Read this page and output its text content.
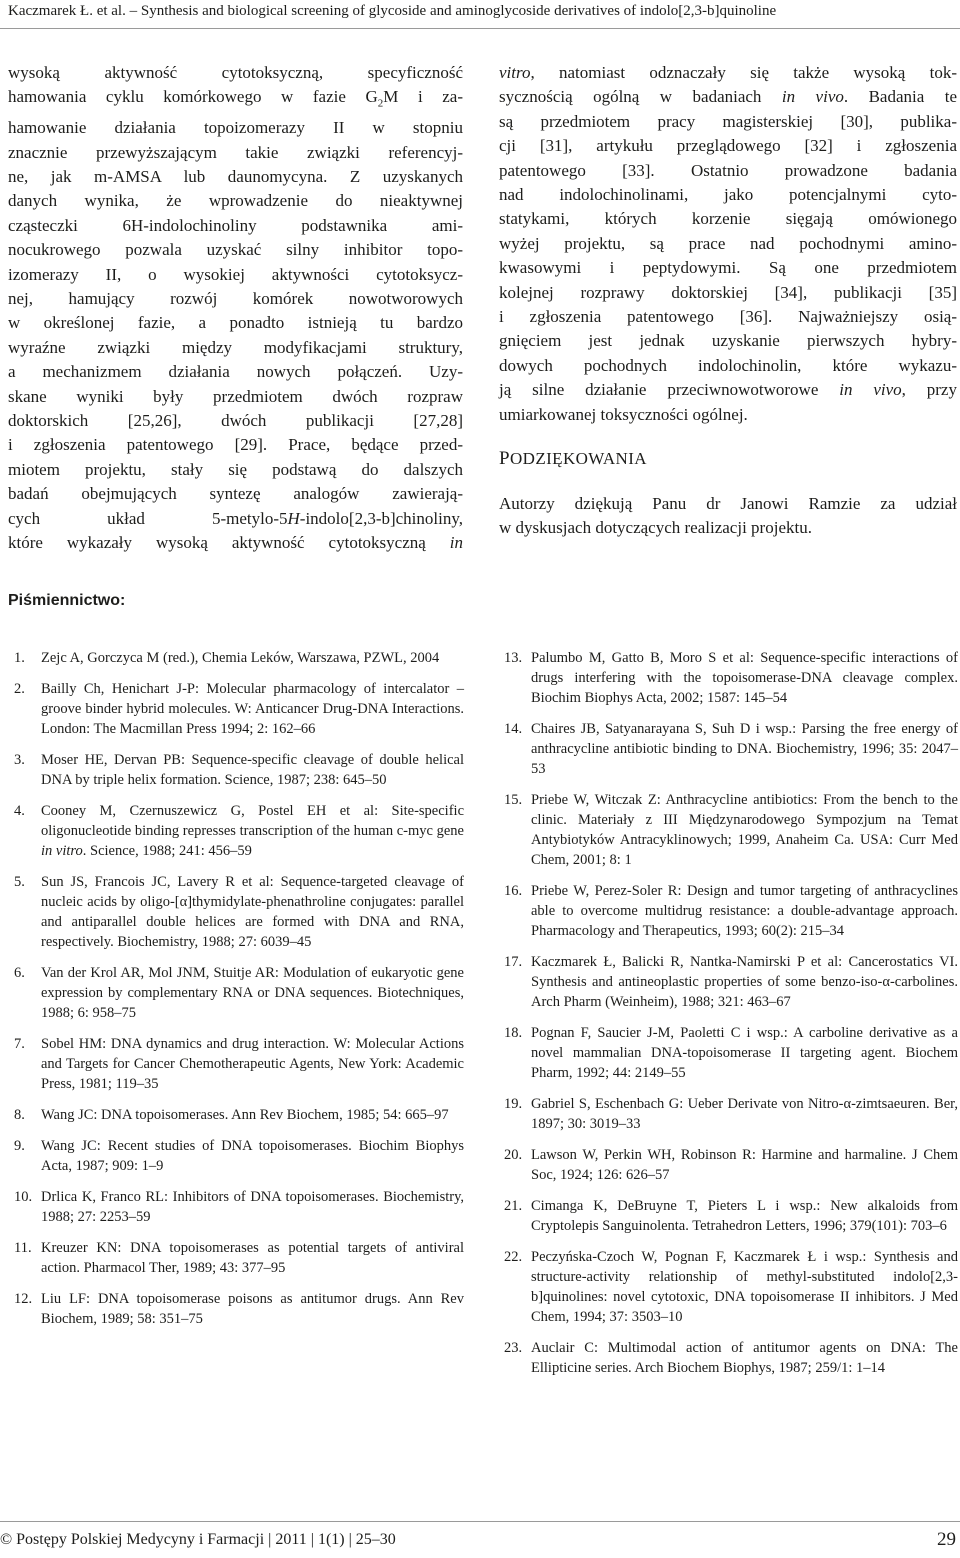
Kaczmarek Ł. et al. – Synthesis and biological screening of glycoside and aminoglycoside derivatives of indolo[2,3-b]quinoline
wysoką aktywność cytotoksyczną, specyficzność
hamowania cyklu komórkowego w fazie $G_2M$ i za-
hamowanie działania topoizomerazy II w stopniu
znacznie przewyższającym takie związki referencyj-
ne, jak m-AMSA lub daunomycyna. Z uzyskanych
danych wynika, że wprowadzenie do nieaktywnej
cząsteczki 6H-indolochinoliny podstawnika ami-
nocukrowego pozwala uzyskać silny inhibitor topo-
izomerazy II, o wysokiej aktywności cytotoksycz-
nej, hamujący rozwój komórek nowotworowych
w określonej fazie, a ponadto istnieją tu bardzo
wyraźne związki między modyfikacjami struktury,
a mechanizmem działania nowych połączeń. Uzy-
skane wyniki były przedmiotem dwóch rozpraw
doktorskich [25,26], dwóch publikacji [27,28]
i zgłoszenia patentowego [29]. Prace, będące przed-
miotem projektu, stały się podstawą do dalszych
badań obejmujących syntezę analogów zawierają-
cych układ 5-metylo-5H-indolo[2,3-b]chinoliny,
które wykazały wysoką aktywność cytotoksyczną in
vitro, natomiast odznaczały się także wysoką tok-
sycznością ogólną w badaniach in vivo. Badania te
są przedmiotem pracy magisterskiej [30], publika-
cji [31], artykułu przeglądowego [32] i zgłoszenia
patentowego [33]. Ostatnio prowadzone badania
nad indolochinolinami, jako potencjalnymi cyto-
statykami, których korzenie sięgają omówionego
wyżej projektu, są prace nad pochodnymi amino-
kwasowymi i peptydowymi. Są one przedmiotem
kolejnej rozprawy doktorskiej [34], publikacji [35]
i zgłoszenia patentowego [36]. Najważniejszy osią-
gnięciem jest jednak uzyskanie pierwszych hybry-
dowych pochodnych indolochinolin, które wykazu-
ją silne działanie przeciwnowotworowe in vivo, przy
umiarkowanej toksyczności ogólnej.
PODZIĘKOWANIA
Autorzy dziękują Panu dr Janowi Ramzie za udział
w dyskusjach dotyczących realizacji projektu.
Piśmiennictwo:
1. Zejc A, Gorczyca M (red.), Chemia Leków, Warszawa, PZWL, 2004
2. Bailly Ch, Henichart J-P: Molecular pharmacology of intercalator – groove binder hybrid molecules. W: Anticancer Drug-DNA Interactions. London: The Macmillan Press 1994; 2: 162–66
3. Moser HE, Dervan PB: Sequence-specific cleavage of double helical DNA by triple helix formation. Science, 1987; 238: 645–50
4. Cooney M, Czernuszewicz G, Postel EH et al: Site-specific oligonucleotide binding represses transcription of the human c-myc gene in vitro. Science, 1988; 241: 456–59
5. Sun JS, Francois JC, Lavery R et al: Sequence-targeted cleavage of nucleic acids by oligo-[α]thymidylate-phenathroline conjugates: parallel and antiparallel double helices are formed with DNA and RNA, respectively. Biochemistry, 1988; 27: 6039–45
6. Van der Krol AR, Mol JNM, Stuitje AR: Modulation of eukaryotic gene expression by complementary RNA or DNA sequences. Biotechniques, 1988; 6: 958–75
7. Sobel HM: DNA dynamics and drug interaction. W: Molecular Actions and Targets for Cancer Chemotherapeutic Agents, New York: Academic Press, 1981; 119–35
8. Wang JC: DNA topoisomerases. Ann Rev Biochem, 1985; 54: 665–97
9. Wang JC: Recent studies of DNA topoisomerases. Biochim Biophys Acta, 1987; 909: 1–9
10. Drlica K, Franco RL: Inhibitors of DNA topoisomerases. Biochemistry, 1988; 27: 2253–59
11. Kreuzer KN: DNA topoisomerases as potential targets of antiviral action. Pharmacol Ther, 1989; 43: 377–95
12. Liu LF: DNA topoisomerase poisons as antitumor drugs. Ann Rev Biochem, 1989; 58: 351–75
13. Palumbo M, Gatto B, Moro S et al: Sequence-specific interactions of drugs interfering with the topoisomerase-DNA cleavage complex. Biochim Biophys Acta, 2002; 1587: 145–54
14. Chaires JB, Satyanarayana S, Suh D i wsp.: Parsing the free energy of anthracycline antibiotic binding to DNA. Biochemistry, 1996; 35: 2047–53
15. Priebe W, Witczak Z: Anthracycline antibiotics: From the bench to the clinic. Materiały z III Międzynarodowego Sympozjum na Temat Antybiotyków Antracyklinowych; 1999, Anaheim Ca. USA: Curr Med Chem, 2001; 8: 1
16. Priebe W, Perez-Soler R: Design and tumor targeting of anthracyclines able to overcome multidrug resistance: a double-advantage approach. Pharmacology and Therapeutics, 1993; 60(2): 215–34
17. Kaczmarek Ł, Balicki R, Nantka-Namirski P et al: Cancerostatics VI. Synthesis and antineoplastic properties of some benzo-iso-α-carbolines. Arch Pharm (Weinheim), 1988; 321: 463–67
18. Pognan F, Saucier J-M, Paoletti C i wsp.: A carboline derivative as a novel mammalian DNA-topoisomerase II targeting agent. Biochem Pharm, 1992; 44: 2149–55
19. Gabriel S, Eschenbach G: Ueber Derivate von Nitro-α-zimtsaeuren. Ber, 1897; 30: 3019–33
20. Lawson W, Perkin WH, Robinson R: Harmine and harmaline. J Chem Soc, 1924; 126: 626–57
21. Cimanga K, DeBruyne T, Pieters L i wsp.: New alkaloids from Cryptolepis Sanguinolenta. Tetrahedron Letters, 1996; 379(101): 703–6
22. Peczyńska-Czoch W, Pognan F, Kaczmarek Ł i wsp.: Synthesis and structure-activity relationship of methyl-substituted indolo[2,3-b]quinolines: novel cytotoxic, DNA topoisomerase II inhibitors. J Med Chem, 1994; 37: 3503–10
23. Auclair C: Multimodal action of antitumor agents on DNA: The Ellipticine series. Arch Biochem Biophys, 1987; 259/1: 1–14
© Postępy Polskiej Medycyny i Farmacji | 2011 | 1(1) | 25–30	29
